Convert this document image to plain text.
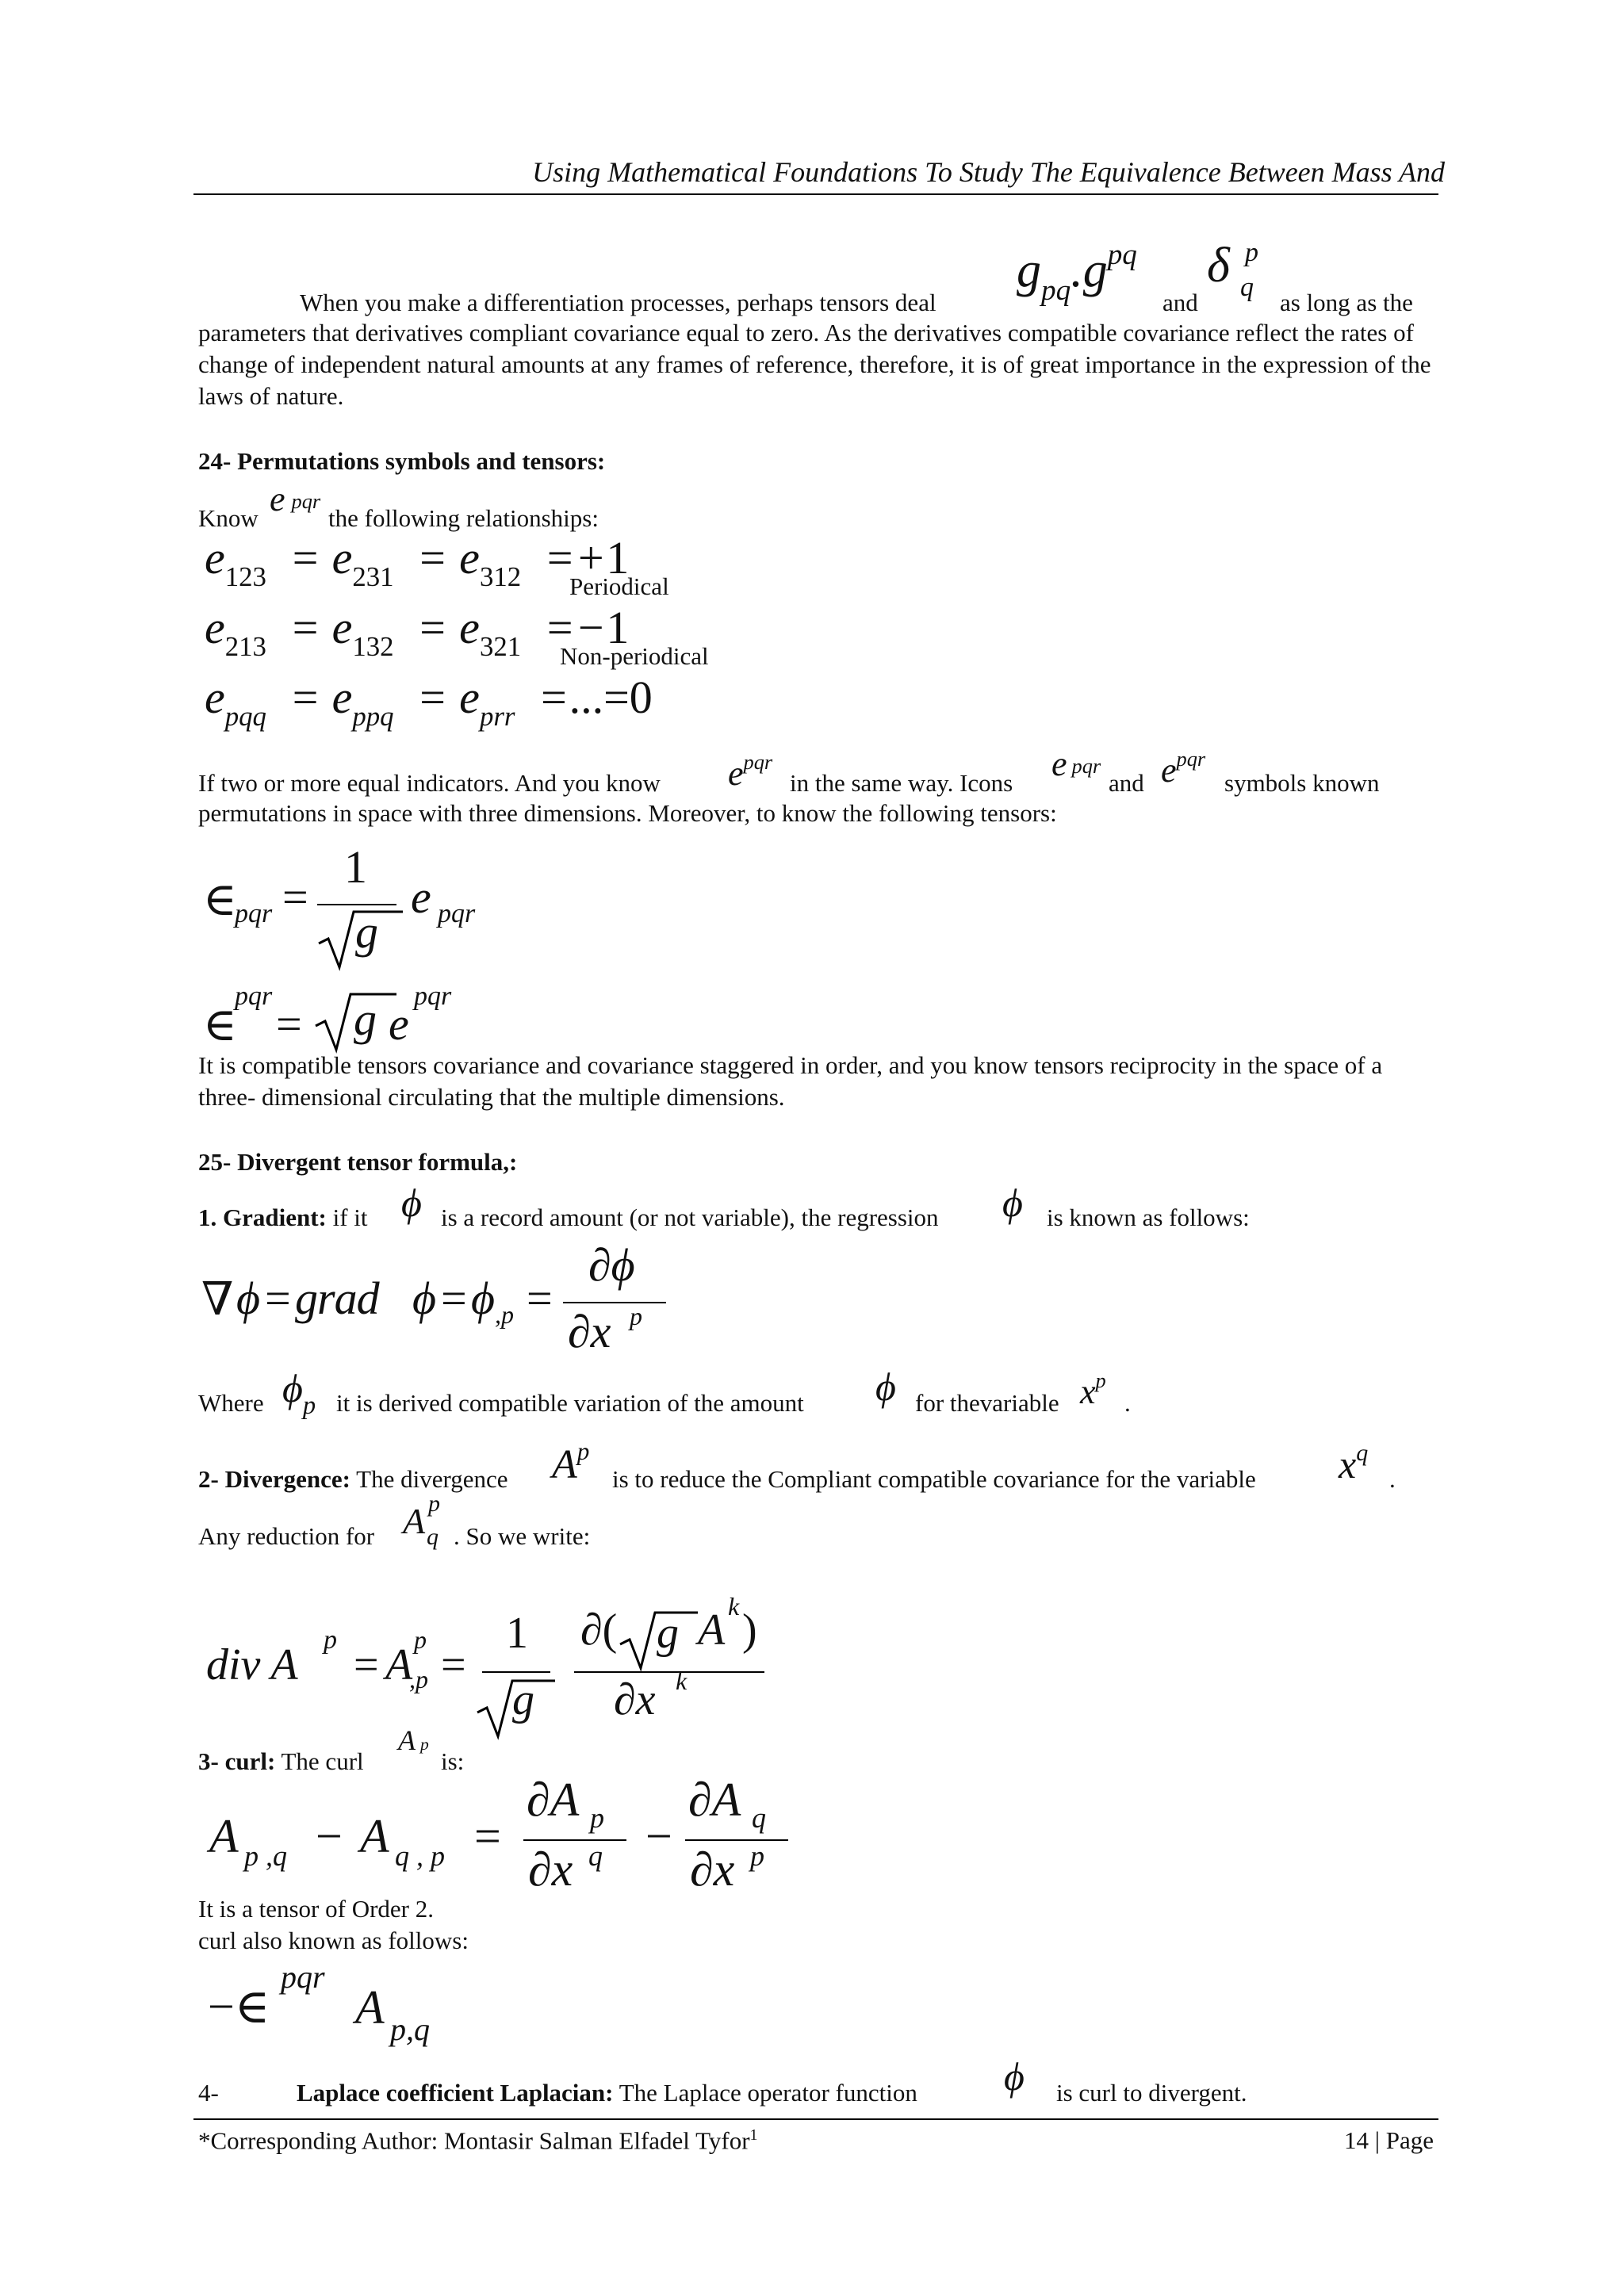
Using Mathematical Foundations To Study The Equivalence Between Mass And
When you make a differentiation processes, perhaps tensors deal
$g_{pq}.g^{pq}$
and
δ p
q
as long as the
parameters that derivatives compliant covariance equal to zero. As the derivatives compatible covariance reflect the rates of change of independent natural amounts at any frames of reference, therefore, it is of great importance in the expression of the laws of nature.
24- Permutations symbols and tensors:
Know e pqr
the following relationships:
$e_{123} = e_{231} = e_{312} =+1$
Periodical
$e_{213} = e_{132} = e_{321} =-1$
Non-periodical
$e_{pqq} = e_{ppq} = e_{prr} =...=0$
If two or more equal indicators. And you know $e^{pqr}$
in the same way. Icons e pqr
and $e^{pqr}$
symbols known
permutations in space with three dimensions. Moreover, to know the following tensors:
∈
pqr =
1
g
e pqr
∈
pqr
= g e
pqr
It is compatible tensors covariance and covariance staggered in order, and you know tensors reciprocity in the space of a three- dimensional circulating that the multiple dimensions.
25- Divergent tensor formula,:
1. Gradient: if it ϕ is a record amount (or not variable), the regression ϕ is known as follows:
∇ ϕ = grad ϕ = ϕ ,p =
∂ϕ
∂x p
Where $\phi_p$ it is derived compatible variation of the amount ϕ for thevariable $x^p$
.
2- Divergence: The divergence $A^p$
is to reduce the Compliant compatible covariance for the variable $x^q$
.
Any reduction for A p
q . So we write:
div A
p
= A
p
,p =
1
g
∂( g A k )
∂x k
3- curl: The curl
A p
is:
A p ,q − A q , p =
∂A p
∂x q −
∂A q
∂x p
It is a tensor of Order 2.
curl also known as follows:
−∈
pqr
A p,q
4-	Laplace coefficient Laplacian: The Laplace operator function ϕ is curl to divergent.
*Corresponding Author: Montasir Salman Elfadel Tyfor$^1$	14 | Page
